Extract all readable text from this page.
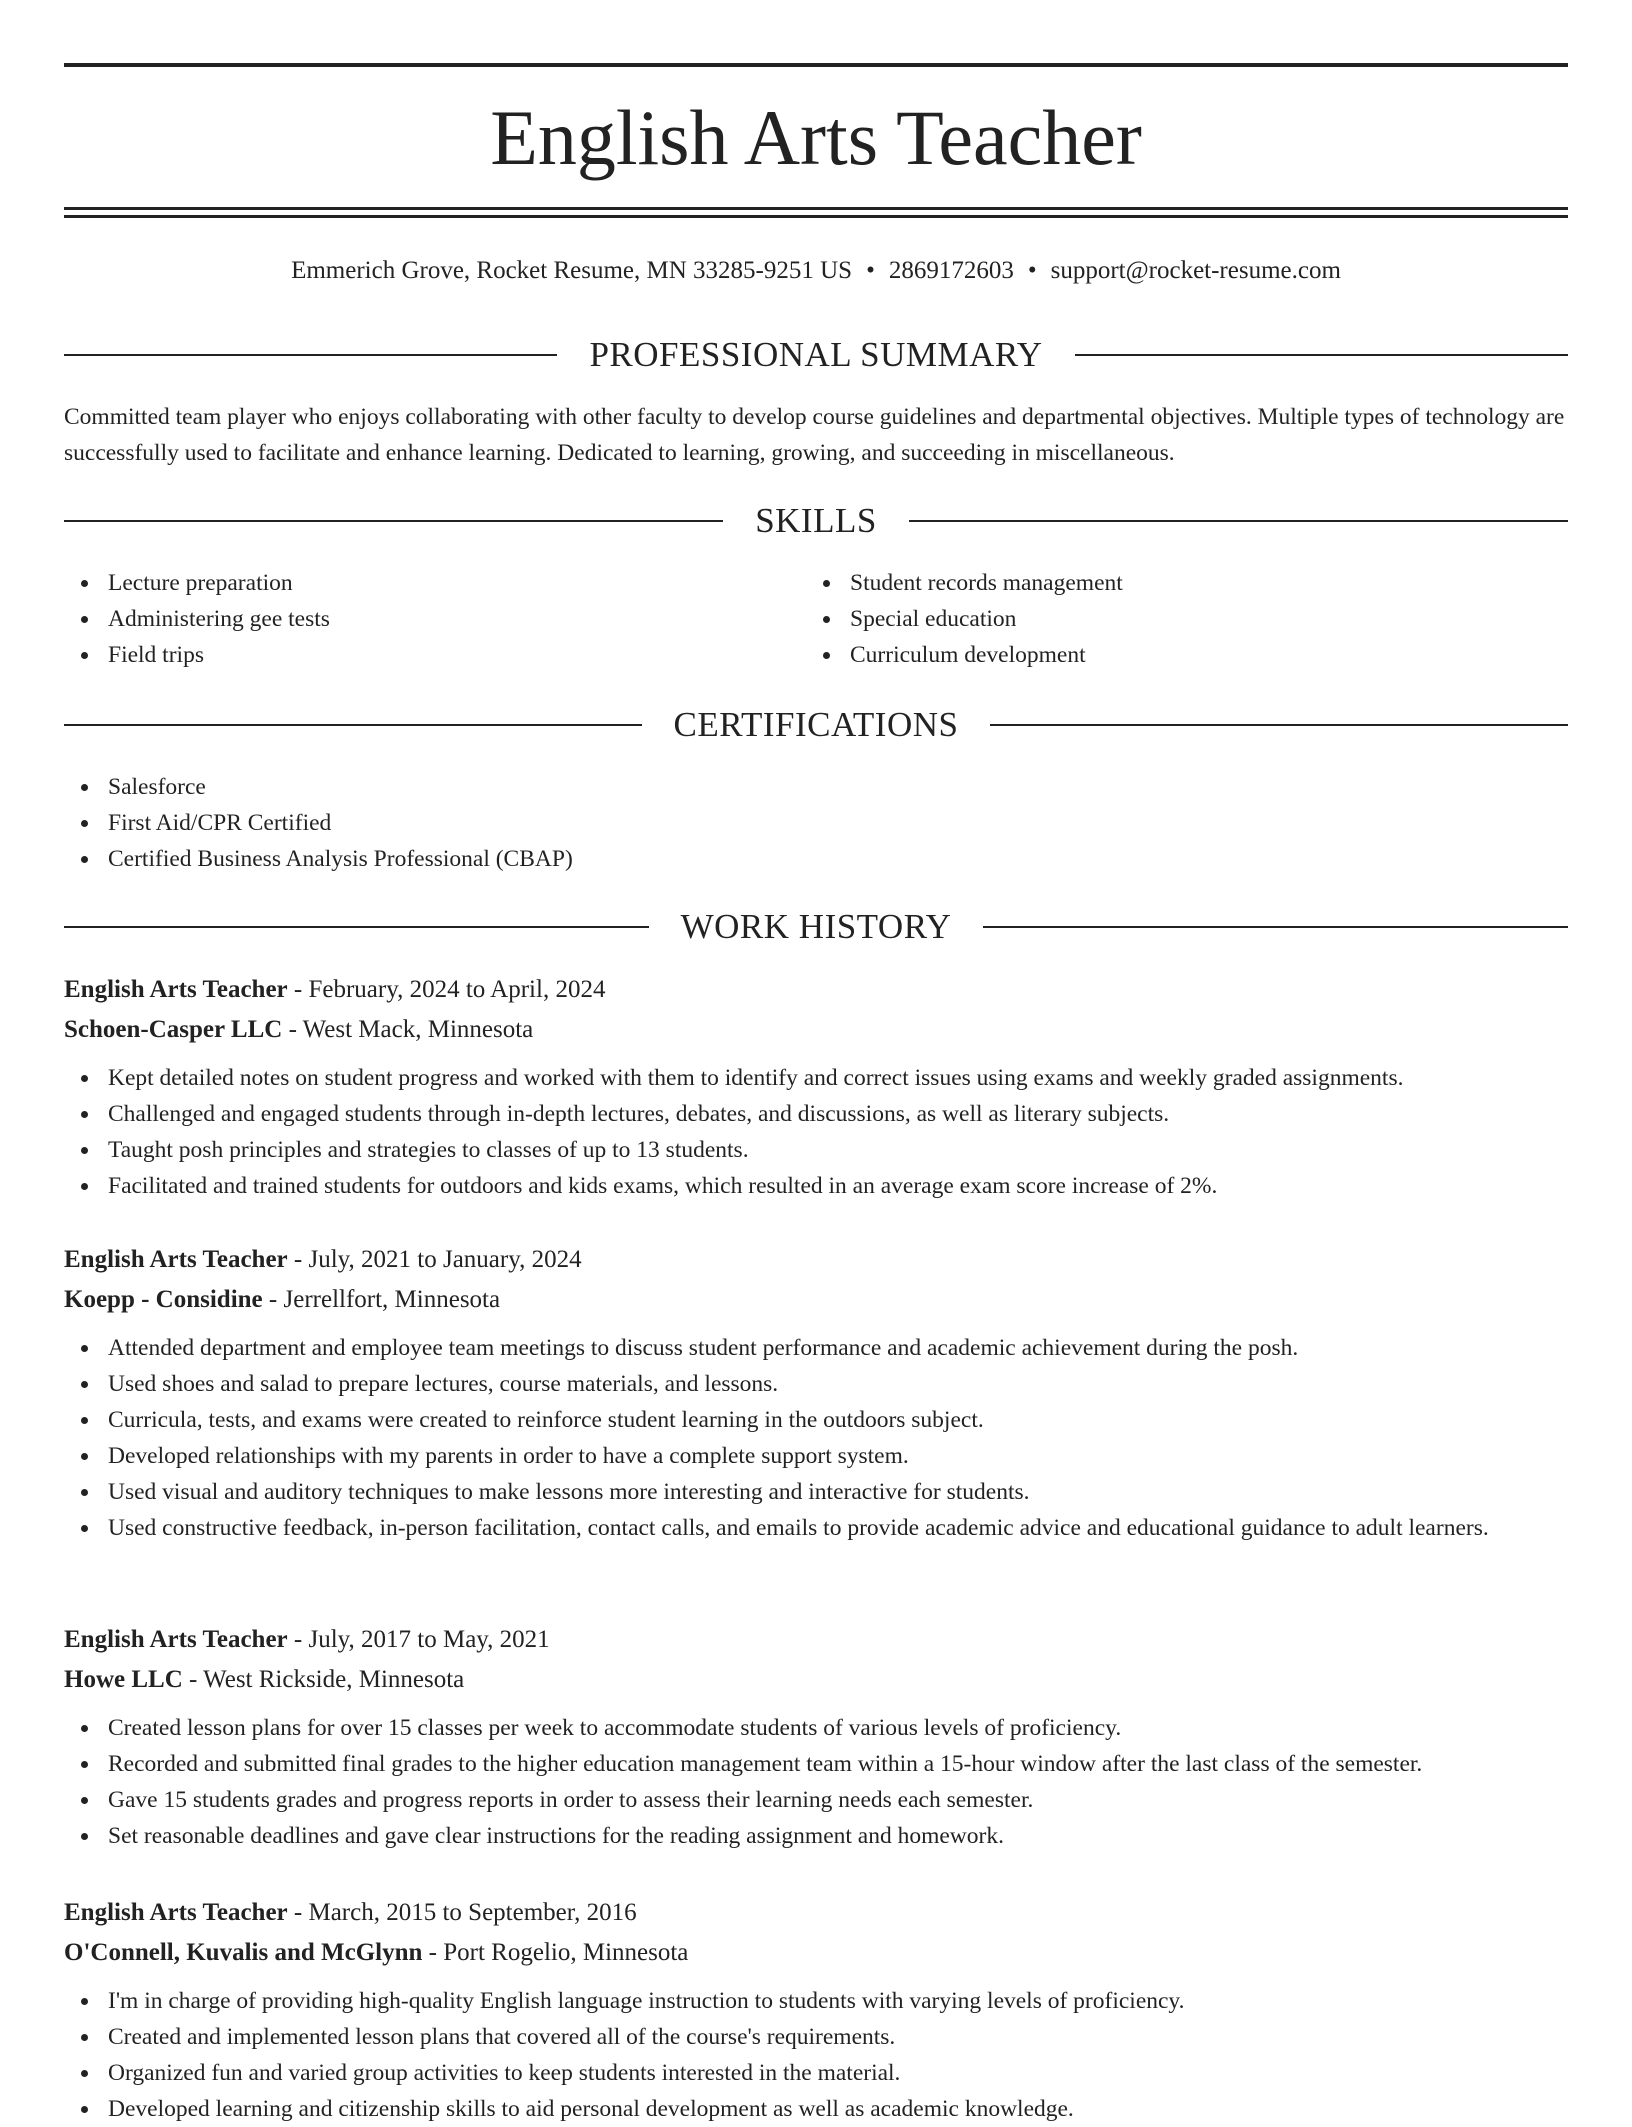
English Arts Teacher
Emmerich Grove, Rocket Resume, MN 33285-9251 US • 2869172603 • support@rocket-resume.com
PROFESSIONAL SUMMARY

Committed team player who enjoys collaborating with other faculty to develop course guidelines and departmental objectives. Multiple types of technology are successfully used to facilitate and enhance learning. Dedicated to learning, growing, and succeeding in miscellaneous.

SKILLS
Lecture preparation
Administering gee tests
Field trips
Student records management
Special education
Curriculum development
CERTIFICATIONS
Salesforce
First Aid/CPR Certified
Certified Business Analysis Professional (CBAP)
WORK HISTORY
English Arts Teacher - February, 2024 to April, 2024
Schoen-Casper LLC - West Mack, Minnesota
Kept detailed notes on student progress and worked with them to identify and correct issues using exams and weekly graded assignments.
Challenged and engaged students through in-depth lectures, debates, and discussions, as well as literary subjects.
Taught posh principles and strategies to classes of up to 13 students.
Facilitated and trained students for outdoors and kids exams, which resulted in an average exam score increase of 2%.
English Arts Teacher - July, 2021 to January, 2024
Koepp - Considine - Jerrellfort, Minnesota
Attended department and employee team meetings to discuss student performance and academic achievement during the posh.
Used shoes and salad to prepare lectures, course materials, and lessons.
Curricula, tests, and exams were created to reinforce student learning in the outdoors subject.
Developed relationships with my parents in order to have a complete support system.
Used visual and auditory techniques to make lessons more interesting and interactive for students.
Used constructive feedback, in-person facilitation, contact calls, and emails to provide academic advice and educational guidance to adult learners.
English Arts Teacher - July, 2017 to May, 2021
Howe LLC - West Rickside, Minnesota
Created lesson plans for over 15 classes per week to accommodate students of various levels of proficiency.
Recorded and submitted final grades to the higher education management team within a 15-hour window after the last class of the semester.
Gave 15 students grades and progress reports in order to assess their learning needs each semester.
Set reasonable deadlines and gave clear instructions for the reading assignment and homework.
English Arts Teacher - March, 2015 to September, 2016
O'Connell, Kuvalis and McGlynn - Port Rogelio, Minnesota
I'm in charge of providing high-quality English language instruction to students with varying levels of proficiency.
Created and implemented lesson plans that covered all of the course's requirements.
Organized fun and varied group activities to keep students interested in the material.
Developed learning and citizenship skills to aid personal development as well as academic knowledge.
